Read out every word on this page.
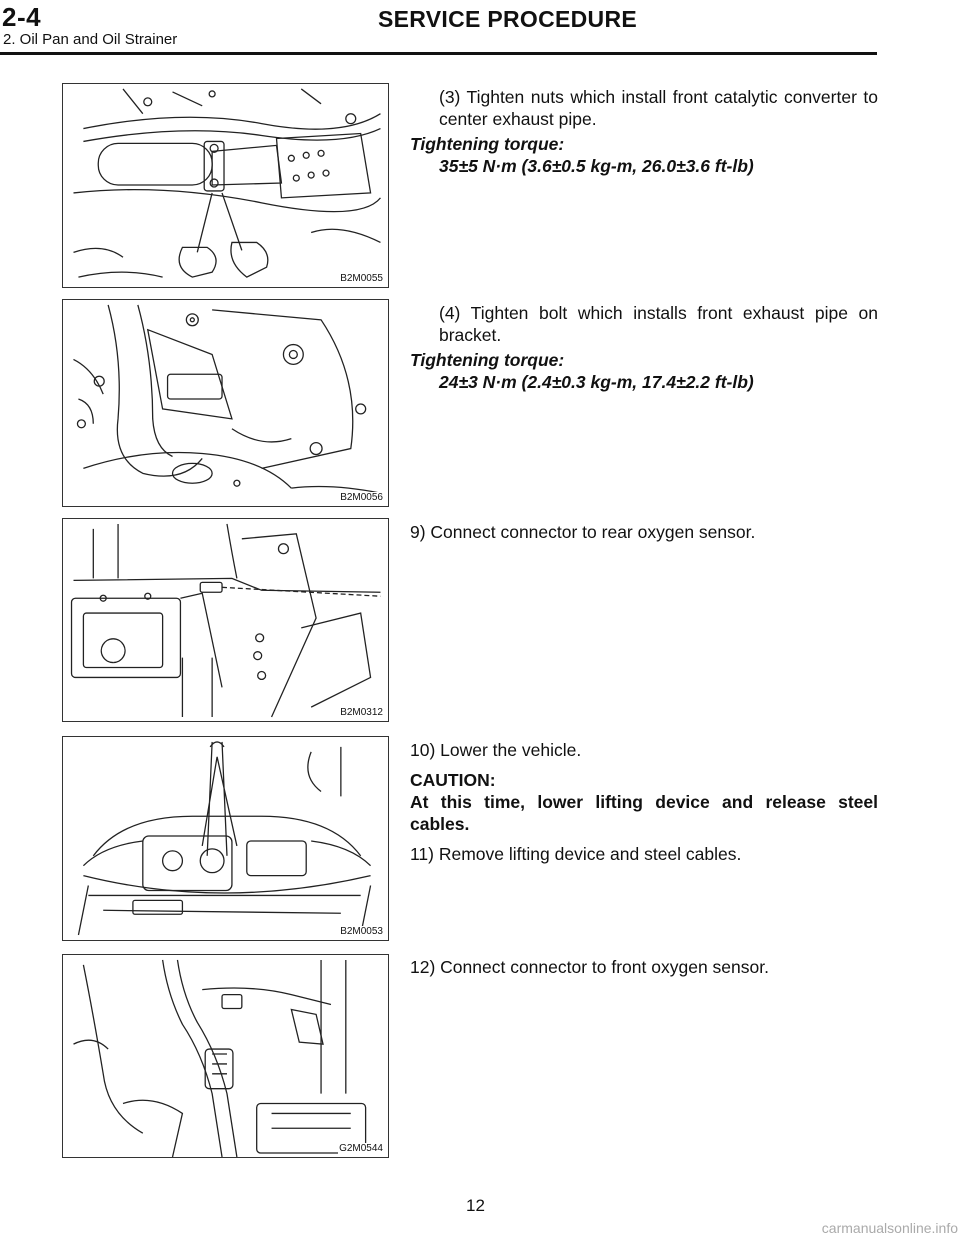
2-4	SERVICE PROCEDURE
2. Oil Pan and Oil Strainer
B2M0055
B2M0056
B2M0312
B2M0053
G2M0544
(3) Tighten nuts which install front catalytic converter to center exhaust pipe.
Tightening torque:
35±5 N·m (3.6±0.5 kg-m, 26.0±3.6 ft-lb)
(4) Tighten bolt which installs front exhaust pipe on bracket.
Tightening torque:
24±3 N·m (2.4±0.3 kg-m, 17.4±2.2 ft-lb)
9) Connect connector to rear oxygen sensor.
10) Lower the vehicle.
CAUTION:
At this time, lower lifting device and release steel cables.
11) Remove lifting device and steel cables.
12) Connect connector to front oxygen sensor.
12
carmanualsonline.info
